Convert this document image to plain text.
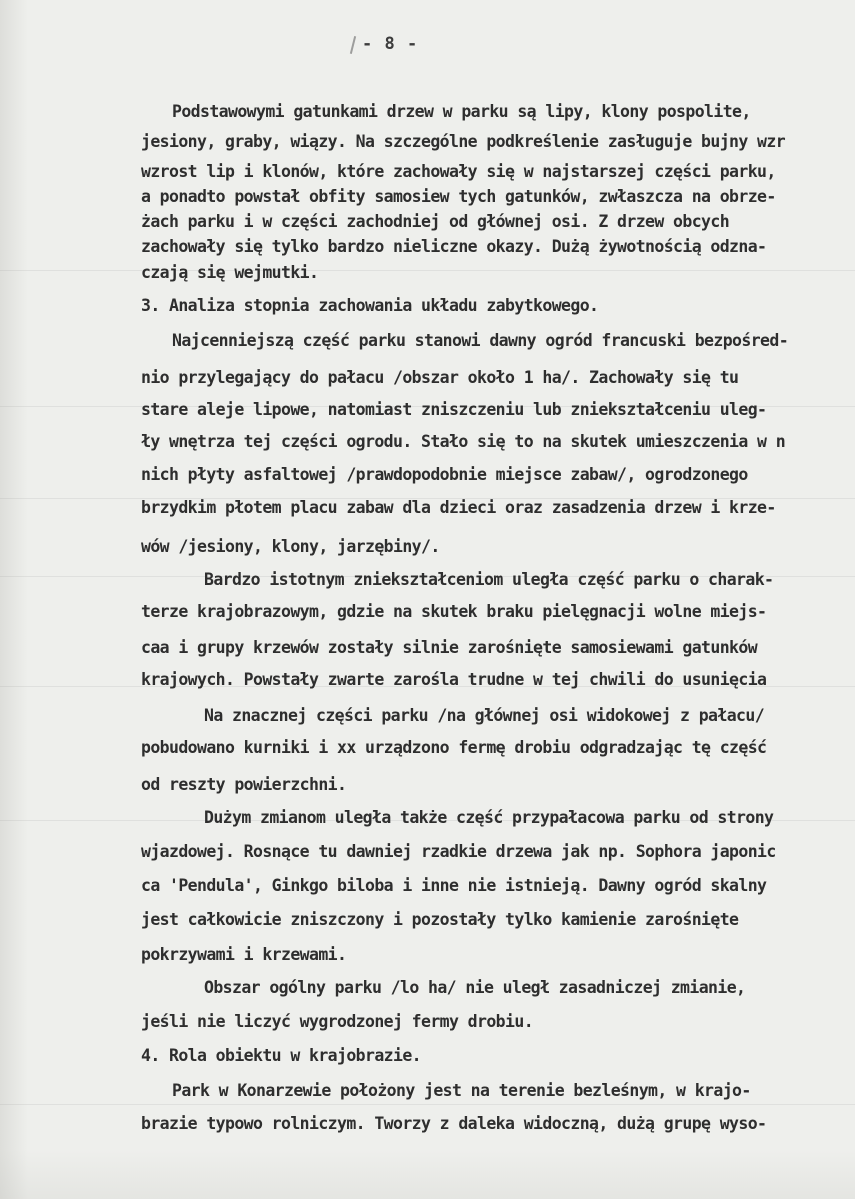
- 8 -
Podstawowymi gatunkami drzew w parku są lipy, klony pospolite,
jesiony, graby, wiązy. Na szczególne podkreślenie zasługuje bujny wzr
wzrost lip i klonów, które zachowały się w najstarszej części parku,
a ponadto powstał obfity samosiew tych gatunków, zwłaszcza na obrze-
żach parku i w części zachodniej od głównej osi. Z drzew obcych
zachowały się tylko bardzo nieliczne okazy. Dużą żywotnością odzna-
czają się wejmutki.
3. Analiza stopnia zachowania układu zabytkowego.
Najcenniejszą część parku stanowi dawny ogród francuski bezpośred-
nio przylegający do pałacu /obszar około 1 ha/. Zachowały się tu
stare aleje lipowe, natomiast zniszczeniu lub zniekształceniu uleg-
ły wnętrza tej części ogrodu. Stało się to na skutek umieszczenia w n
nich płyty asfaltowej /prawdopodobnie miejsce zabaw/, ogrodzonego
brzydkim płotem placu zabaw dla dzieci oraz zasadzenia drzew i krze-
wów /jesiony, klony, jarzębiny/.
Bardzo istotnym zniekształceniom uległa część parku o charak-
terze krajobrazowym, gdzie na skutek braku pielęgnacji wolne miejs-
caa i grupy krzewów zostały silnie zarośnięte samosiewami gatunków
krajowych. Powstały zwarte zarośla trudne w tej chwili do usunięcia
Na znacznej części parku /na głównej osi widokowej z pałacu/
pobudowano kurniki i xx urządzono fermę drobiu odgradzając tę część
od reszty powierzchni.
Dużym zmianom uległa także część przypałacowa parku od strony
wjazdowej. Rosnące tu dawniej rzadkie drzewa jak np. Sophora japonic
ca 'Pendula', Ginkgo biloba i inne nie istnieją. Dawny ogród skalny
jest całkowicie zniszczony i pozostały tylko kamienie zarośnięte
pokrzywami i krzewami.
Obszar ogólny parku /lo ha/ nie uległ zasadniczej zmianie,
jeśli nie liczyć wygrodzonej fermy drobiu.
4. Rola obiektu w krajobrazie.
Park w Konarzewie położony jest na terenie bezleśnym, w krajo-
brazie typowo rolniczym. Tworzy z daleka widoczną, dużą grupę wyso-
